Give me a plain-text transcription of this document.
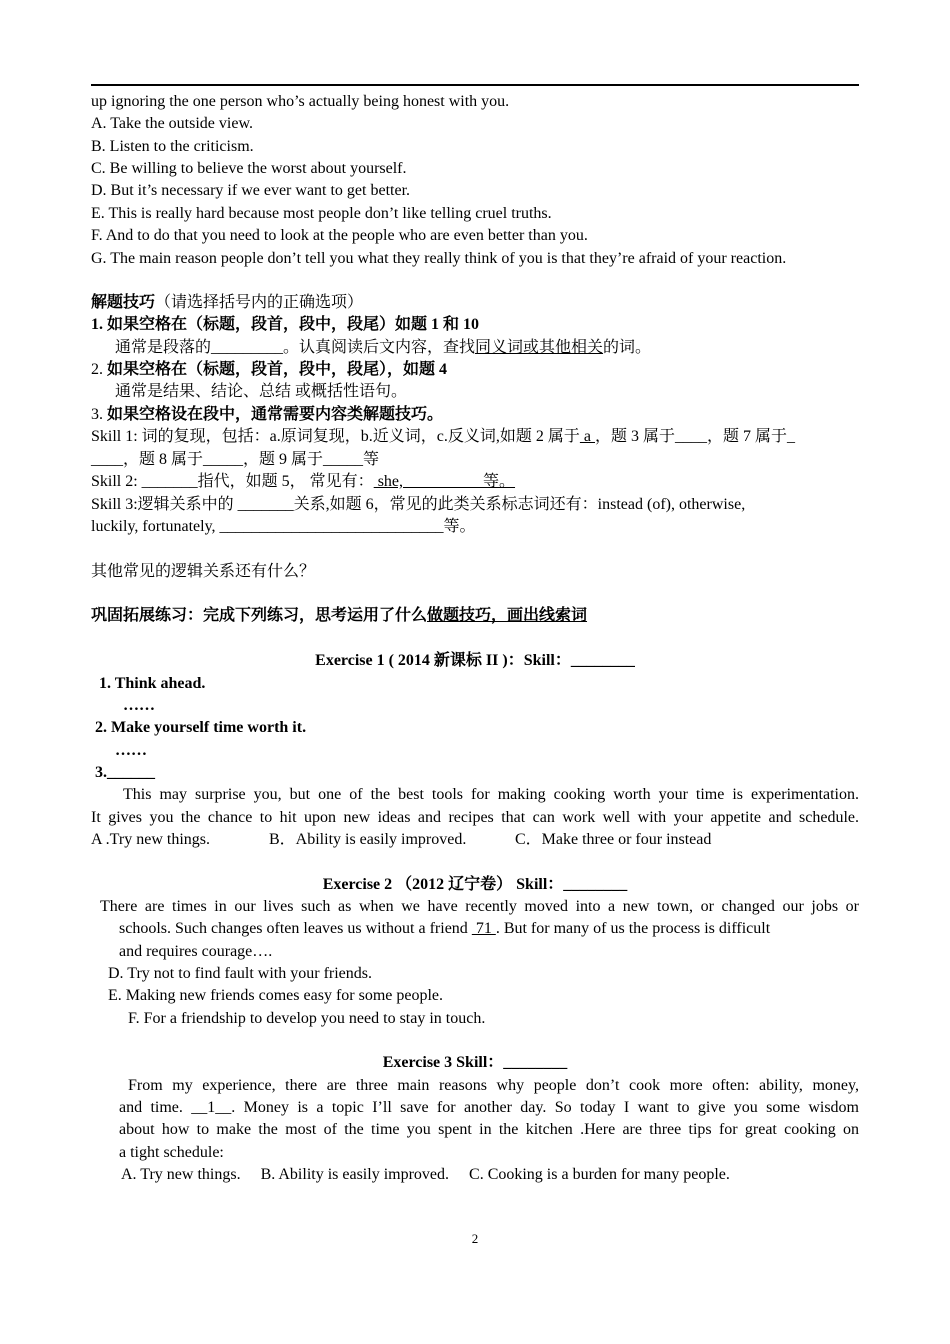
up ignoring the one person who’s actually being honest with you.
A. Take the outside view.
B. Listen to the criticism.
C. Be willing to believe the worst about yourself.
D. But it’s necessary if we ever want to get better.
E. This is really hard because most people don’t like telling cruel truths.
F. And to do that you need to look at the people who are even better than you.
G. The main reason people don’t tell you what they really think of you is that they’re afraid of your reaction.
解题技巧（请选择括号内的正确选项）
1. 如果空格在（标题，段首，段中，段尾）如题 1 和 10
通常是段落的_________。认真阅读后文内容，查找同义词或其他相关的词。
2. 如果空格在（标题，段首，段中，段尾），如题 4
通常是结果、结论、总结 或概括性语句。
3. 如果空格设在段中，通常需要内容类解题技巧。
Skill 1: 词的复现，包括：a.原词复现，b.近义词，c.反义词,如题 2 属于 a ，题 3 属于____，题 7 属于_
____，题 8 属于_____，题 9 属于_____等
Skill 2: _______指代，如题 5， 常见有： she,                    等。
Skill 3:逻辑关系中的 _______关系,如题 6，常见的此类关系标志词还有：instead (of), otherwise,
luckily, fortunately, ____________________________等。
其他常见的逻辑关系还有什么？
巩固拓展练习：完成下列练习，思考运用了什么做题技巧，画出线索词
Exercise 1 ( 2014 新课标 II )：Skill：________
1. Think ahead.
……
2. Make yourself time worth it.
……
3.______
This may surprise you, but one of the best tools for making cooking worth your time is experimentation.
It gives you the chance to hit upon new ideas and recipes that can work well with your appetite and schedule.
A .Try new things.	B．Ability is easily improved.	C．Make three or four instead
Exercise 2 （2012 辽宁卷） Skill：________
There are times in our lives such as when we have recently moved into a new town, or changed our jobs or
schools. Such changes often leaves us without a friend  71 . But for many of us the process is difficult
and requires courage….
D. Try not to find fault with your friends.
E. Making new friends comes easy for some people.
F. For a friendship to develop you need to stay in touch.
Exercise 3 Skill：________
From my experience, there are three main reasons why people don’t cook more often: ability, money,
and time. __1__. Money is a topic I’ll save for another day. So today I want to give you some wisdom
about how to make the most of the time you spent in the kitchen .Here are three tips for great cooking on
a tight schedule:
A. Try new things.     B. Ability is easily improved.     C. Cooking is a burden for many people.
2
